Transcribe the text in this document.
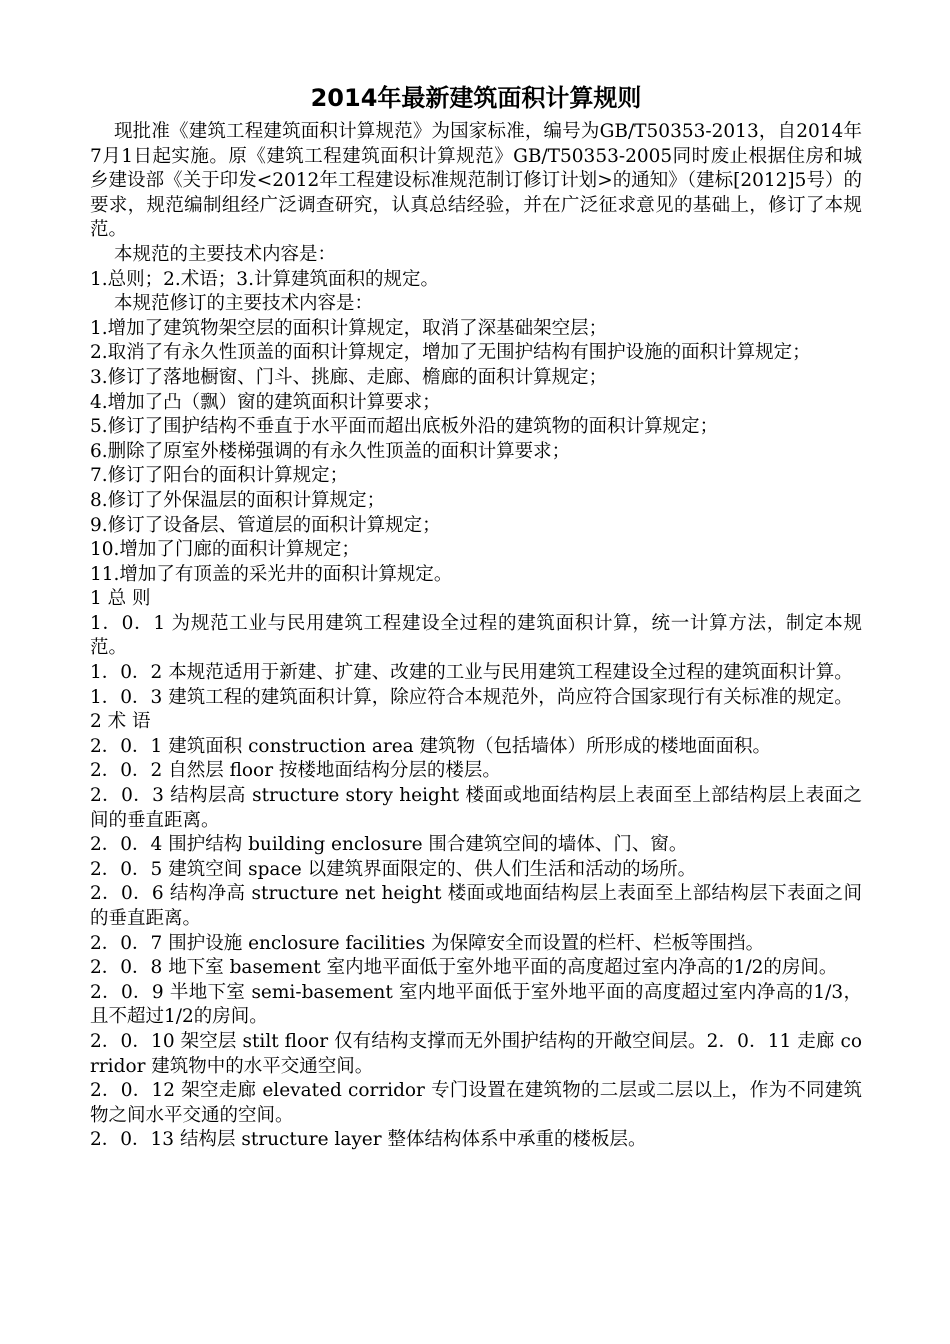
2014年最新建筑面积计算规则

现批准《建筑工程建筑面积计算规范》为国家标准，编号为GB/T50353-2013，自2014年7月1日起实施。原《建筑工程建筑面积计算规范》GB/T50353-2005同时废止根据住房和城乡建设部《关于印发<2012年工程建设标准规范制订修订计划>的通知》（建标[2012]5号）的要求，规范编制组经广泛调查研究，认真总结经验，并在广泛征求意见的基础上，修订了本规范。

本规范的主要技术内容是：

1.总则；2.术语；3.计算建筑面积的规定。

本规范修订的主要技术内容是：

1.增加了建筑物架空层的面积计算规定，取消了深基础架空层；

2.取消了有永久性顶盖的面积计算规定，增加了无围护结构有围护设施的面积计算规定；

3.修订了落地橱窗、门斗、挑廊、走廊、檐廊的面积计算规定；

4.增加了凸（飘）窗的建筑面积计算要求；

5.修订了围护结构不垂直于水平面而超出底板外沿的建筑物的面积计算规定；

6.删除了原室外楼梯强调的有永久性顶盖的面积计算要求；

7.修订了阳台的面积计算规定；

8.修订了外保温层的面积计算规定；

9.修订了设备层、管道层的面积计算规定；

10.增加了门廊的面积计算规定；

11.增加了有顶盖的采光井的面积计算规定。

1 总 则

1．0．1 为规范工业与民用建筑工程建设全过程的建筑面积计算，统一计算方法，制定本规范。

1．0．2 本规范适用于新建、扩建、改建的工业与民用建筑工程建设全过程的建筑面积计算。

1．0．3 建筑工程的建筑面积计算，除应符合本规范外，尚应符合国家现行有关标准的规定。

2 术 语

2．0．1 建筑面积 construction area 建筑物（包括墙体）所形成的楼地面面积。

2．0．2 自然层 floor 按楼地面结构分层的楼层。

2．0．3 结构层高 structure story height 楼面或地面结构层上表面至上部结构层上表面之间的垂直距离。

2．0．4 围护结构 building enclosure 围合建筑空间的墙体、门、窗。

2．0．5 建筑空间 space 以建筑界面限定的、供人们生活和活动的场所。

2．0．6 结构净高 structure net height 楼面或地面结构层上表面至上部结构层下表面之间的垂直距离。

2．0．7 围护设施 enclosure facilities 为保障安全而设置的栏杆、栏板等围挡。

2．0．8 地下室 basement 室内地平面低于室外地平面的高度超过室内净高的1/2的房间。

2．0．9 半地下室 semi-basement 室内地平面低于室外地平面的高度超过室内净高的1/3，且不超过1/2的房间。

2．0．10 架空层 stilt floor 仅有结构支撑而无外围护结构的开敞空间层。2．0．11 走廊 corridor 建筑物中的水平交通空间。

2．0．12 架空走廊 elevated corridor 专门设置在建筑物的二层或二层以上，作为不同建筑物之间水平交通的空间。

2．0．13 结构层 structure layer 整体结构体系中承重的楼板层。
